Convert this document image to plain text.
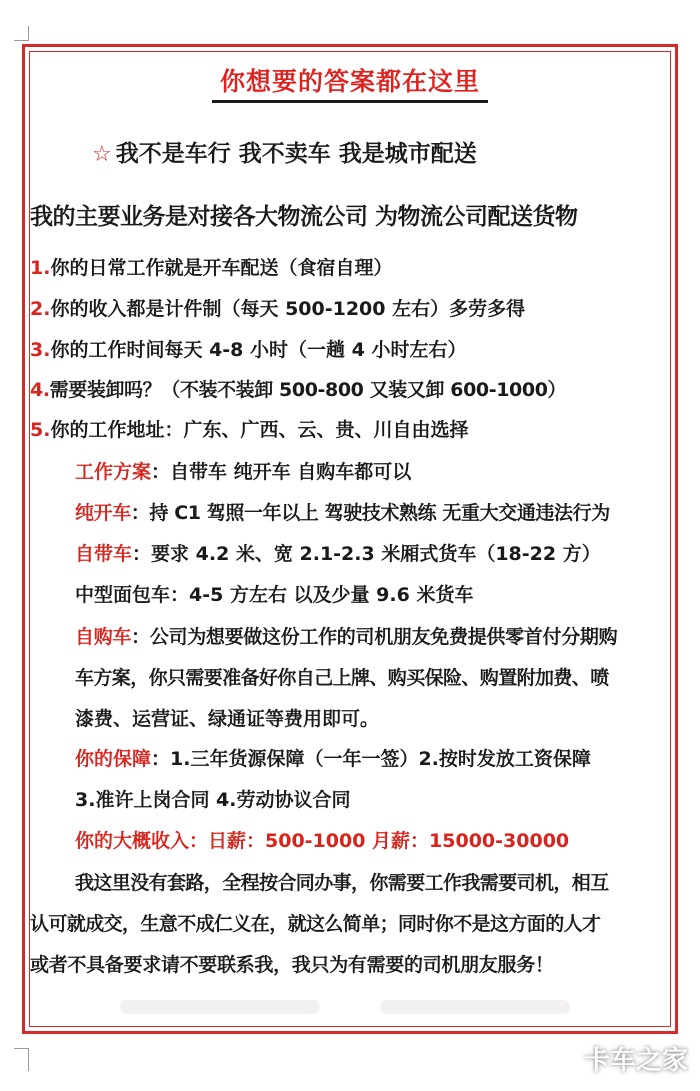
你想要的答案都在这里
☆ 我不是车行 我不卖车 我是城市配送
我的主要业务是对接各大物流公司 为物流公司配送货物
1.你的日常工作就是开车配送（食宿自理）
2.你的收入都是计件制（每天 500-1200 左右）多劳多得
3.你的工作时间每天 4-8 小时（一趟 4 小时左右）
4.需要装卸吗？（不装不装卸 500-800 又装又卸 600-1000）
5.你的工作地址：广东、广西、云、贵、川自由选择
工作方案：自带车 纯开车 自购车都可以
纯开车：持 C1 驾照一年以上 驾驶技术熟练 无重大交通违法行为
自带车：要求 4.2 米、宽 2.1-2.3 米厢式货车（18-22 方）
中型面包车：4-5 方左右 以及少量 9.6 米货车
自购车：公司为想要做这份工作的司机朋友免费提供零首付分期购
车方案，你只需要准备好你自己上牌、购买保险、购置附加费、喷
漆费、运营证、绿通证等费用即可。
你的保障：1.三年货源保障（一年一签）2.按时发放工资保障
3.准许上岗合同 4.劳动协议合同
你的大概收入：日薪：500-1000 月薪：15000-30000
我这里没有套路，全程按合同办事，你需要工作我需要司机，相互
认可就成交，生意不成仁义在，就这么简单；同时你不是这方面的人才
或者不具备要求请不要联系我，我只为有需要的司机朋友服务！
卡车之家
